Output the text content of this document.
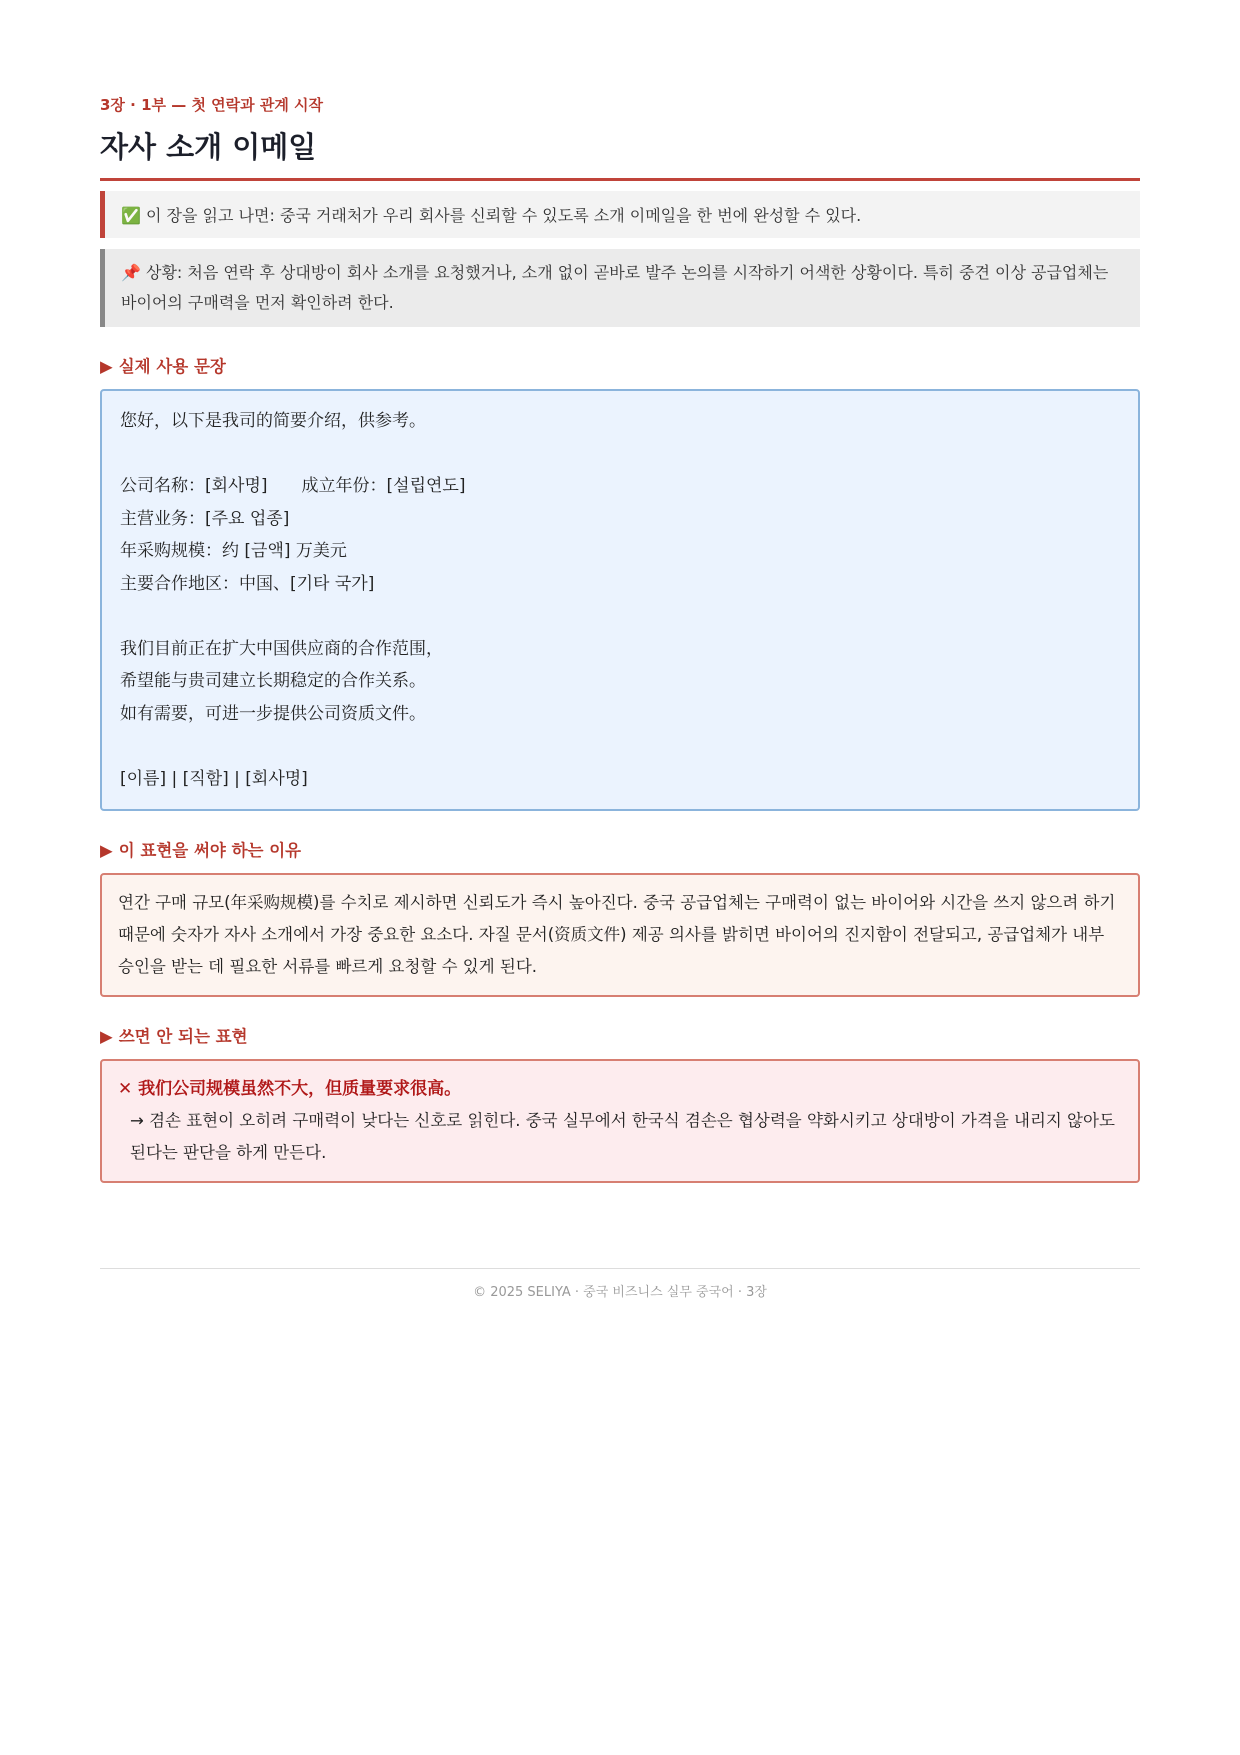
3장 · 1부 — 첫 연락과 관계 시작

자사 소개 이메일
✅ 이 장을 읽고 나면: 중국 거래처가 우리 회사를 신뢰할 수 있도록 소개 이메일을 한 번에 완성할 수 있다.
📌 상황: 처음 연락 후 상대방이 회사 소개를 요청했거나, 소개 없이 곧바로 발주 논의를 시작하기 어색한 상황이다. 특히 중견 이상 공급업체는 바이어의 구매력을 먼저 확인하려 한다.
▶ 실제 사용 문장
您好，以下是我司的简要介绍，供参考。
公司名称：[회사명]　　成立年份：[설립연도]
主营业务：[주요 업종]
年采购规模：约 [금액] 万美元
主要合作地区：中国、[기타 국가]
我们目前正在扩大中国供应商的合作范围，
希望能与贵司建立长期稳定的合作关系。
如有需要，可进一步提供公司资质文件。
[이름] | [직함] | [회사명]
▶ 이 표현을 써야 하는 이유
연간 구매 규모(年采购规模)를 수치로 제시하면 신뢰도가 즉시 높아진다. 중국 공급업체는 구매력이 없는 바이어와 시간을 쓰지 않으려 하기 때문에 숫자가 자사 소개에서 가장 중요한 요소다. 자질 문서(资质文件) 제공 의사를 밝히면 바이어의 진지함이 전달되고, 공급업체가 내부 승인을 받는 데 필요한 서류를 빠르게 요청할 수 있게 된다.
▶ 쓰면 안 되는 표현
✕ 我们公司规模虽然不大，但质量要求很高。
→ 겸손 표현이 오히려 구매력이 낮다는 신호로 읽힌다. 중국 실무에서 한국식 겸손은 협상력을 약화시키고 상대방이 가격을 내리지 않아도 된다는 판단을 하게 만든다.
© 2025 SELIYA · 중국 비즈니스 실무 중국어 · 3장
